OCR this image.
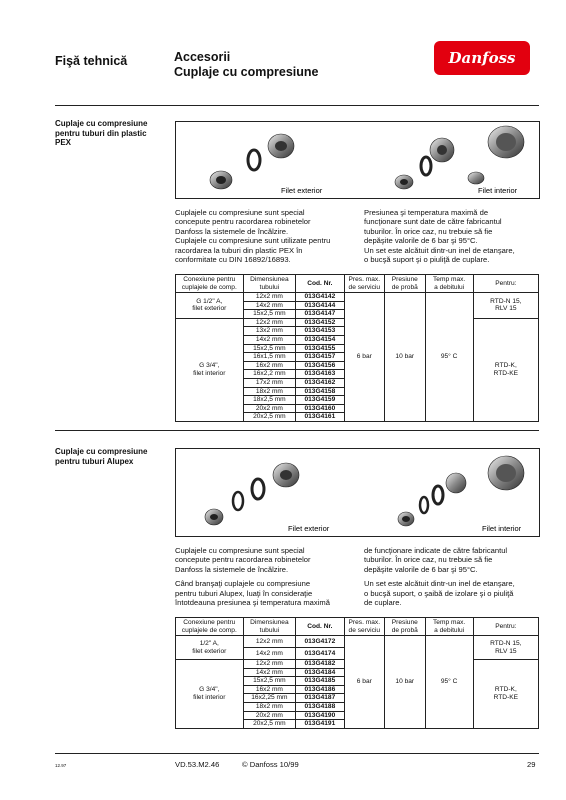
Fişă tehnică	Accesorii
Cuplaje cu compresiune
Danfoss
Cuplaje cu compresiune
pentru tuburi din plastic
PEX
Filet exterior	Filet interior
Cuplajele cu compresiune sunt special
concepute pentru racordarea robinetelor
Danfoss la sistemele de încălzire.
Cuplajele cu compresiune sunt utilizate pentru
racordarea la tuburi din plastic PEX în
conformitate cu DIN 16892/16893.
Presiunea şi temperatura maximă de
funcţionare sunt date de către fabricantul
tuburilor. În orice caz, nu trebuie să fie
depăşite valorile de 6 bar şi 95°C.
Un set este alcătuit dintr-un inel de etanşare,
o bucşă suport şi o piuliţă de cuplare.
Conexiune pentru
cuplajele de comp.	Dimensiunea
tubului	Cod. Nr.	Pres. max.
de serviciu	Presiune
de probă	Temp max.
a debitului	Pentru:
G 1/2" A,
filet exterior	12x2 mm	013G4142	6 bar	10 bar	95° C	RTD-N 15,
RLV 15
	14x2 mm	013G4144				
	15x2,5 mm	013G4147				
G 3/4",
filet interior	12x2 mm	013G4152				RTD-K,
RTD-KE
	13x2 mm	013G4153				
	14x2 mm	013G4154				
	15x2,5 mm	013G4155				
	16x1,5 mm	013G4157				
	16x2 mm	013G4156				
	16x2,2 mm	013G4163				
	17x2 mm	013G4162				
	18x2 mm	013G4158				
	18x2,5 mm	013G4159				
	20x2 mm	013G4160				
	20x2,5 mm	013G4161				
Cuplaje cu compresiune
pentru tuburi Alupex
Filet exterior	Filet interior
Cuplajele cu compresiune sunt special
concepute pentru racordarea robinetelor
Danfoss la sistemele de încălzire.
Când branşaţi cuplajele cu compresiune
pentru tuburi Alupex, luaţi în consideraţie
întotdeauna presiunea şi temperatura maximă
de funcţionare indicate de către fabricantul
tuburilor. În orice caz, nu trebuie să fie
depăşite valorile de 6 bar şi 95°C.
Un set este alcătuit dintr-un inel de etanşare,
o bucşă suport, o şaibă de izolare şi o piuliţă
de cuplare.
Conexiune pentru
cuplajele de comp.	Dimensiunea
tubului	Cod. Nr.	Pres. max.
de serviciu	Presiune
de probă	Temp max.
a debitului	Pentru:
1/2" A,
filet exterior	12x2 mm	013G4172	6 bar	10 bar	95° C	RTD-N 15,
RLV 15
	14x2 mm	013G4174				
G 3/4",
filet interior	12x2 mm	013G4182				RTD-K,
RTD-KE
	14x2 mm	013G4184				
	15x2,5 mm	013G4185				
	16x2 mm	013G4186				
	16x2,25 mm	013G4187				
	18x2 mm	013G4188				
	20x2 mm	013G4190				
	20x2,5 mm	013G4191				
12.97	VD.53.M2.46	© Danfoss 10/99	29
